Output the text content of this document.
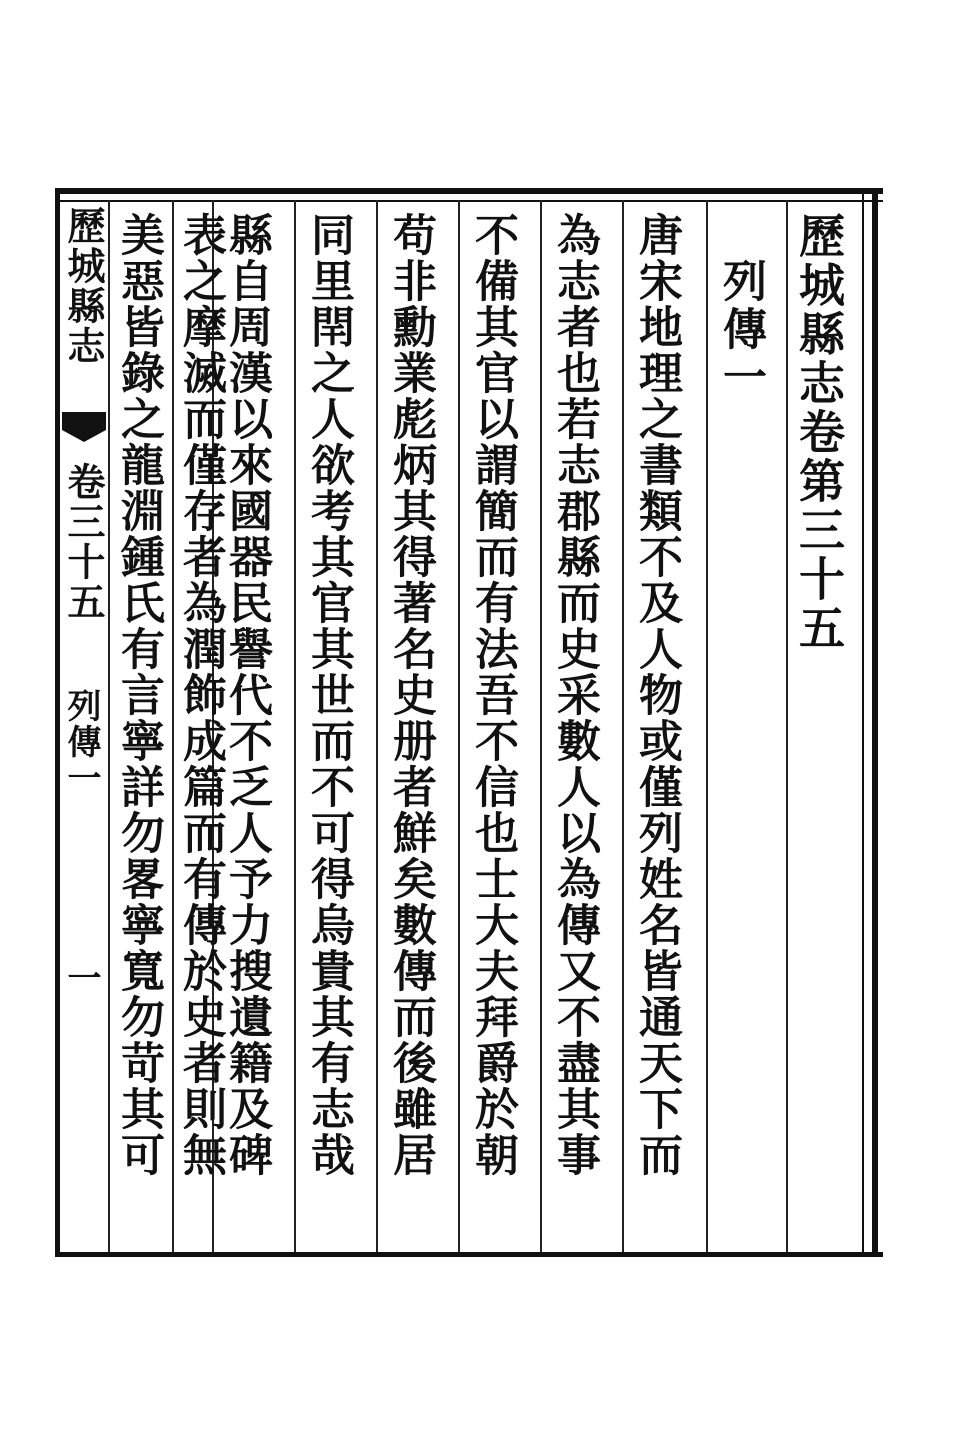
歷城縣志卷第三十五
列傳一
唐宋地理之書類不及人物或僅列姓名皆通天下而
為志者也若志郡縣而史采數人以為傳又不盡其事
不備其官以謂簡而有法吾不信也士大夫拜爵於朝
苟非勳業彪炳其得著名史册者鮮矣數傳而後雖居
同里閈之人欲考其官其世而不可得烏貴其有志哉
縣自周漢以來國器民譽代不乏人予力搜遺籍及碑
美惡皆錄之龍淵鍾氏有言寧詳勿畧寧寬勿苛其可 表之摩滅而僅存者為潤飾成篇而有傳於史者則無
歷城縣志
卷三十五
列傳一
一
